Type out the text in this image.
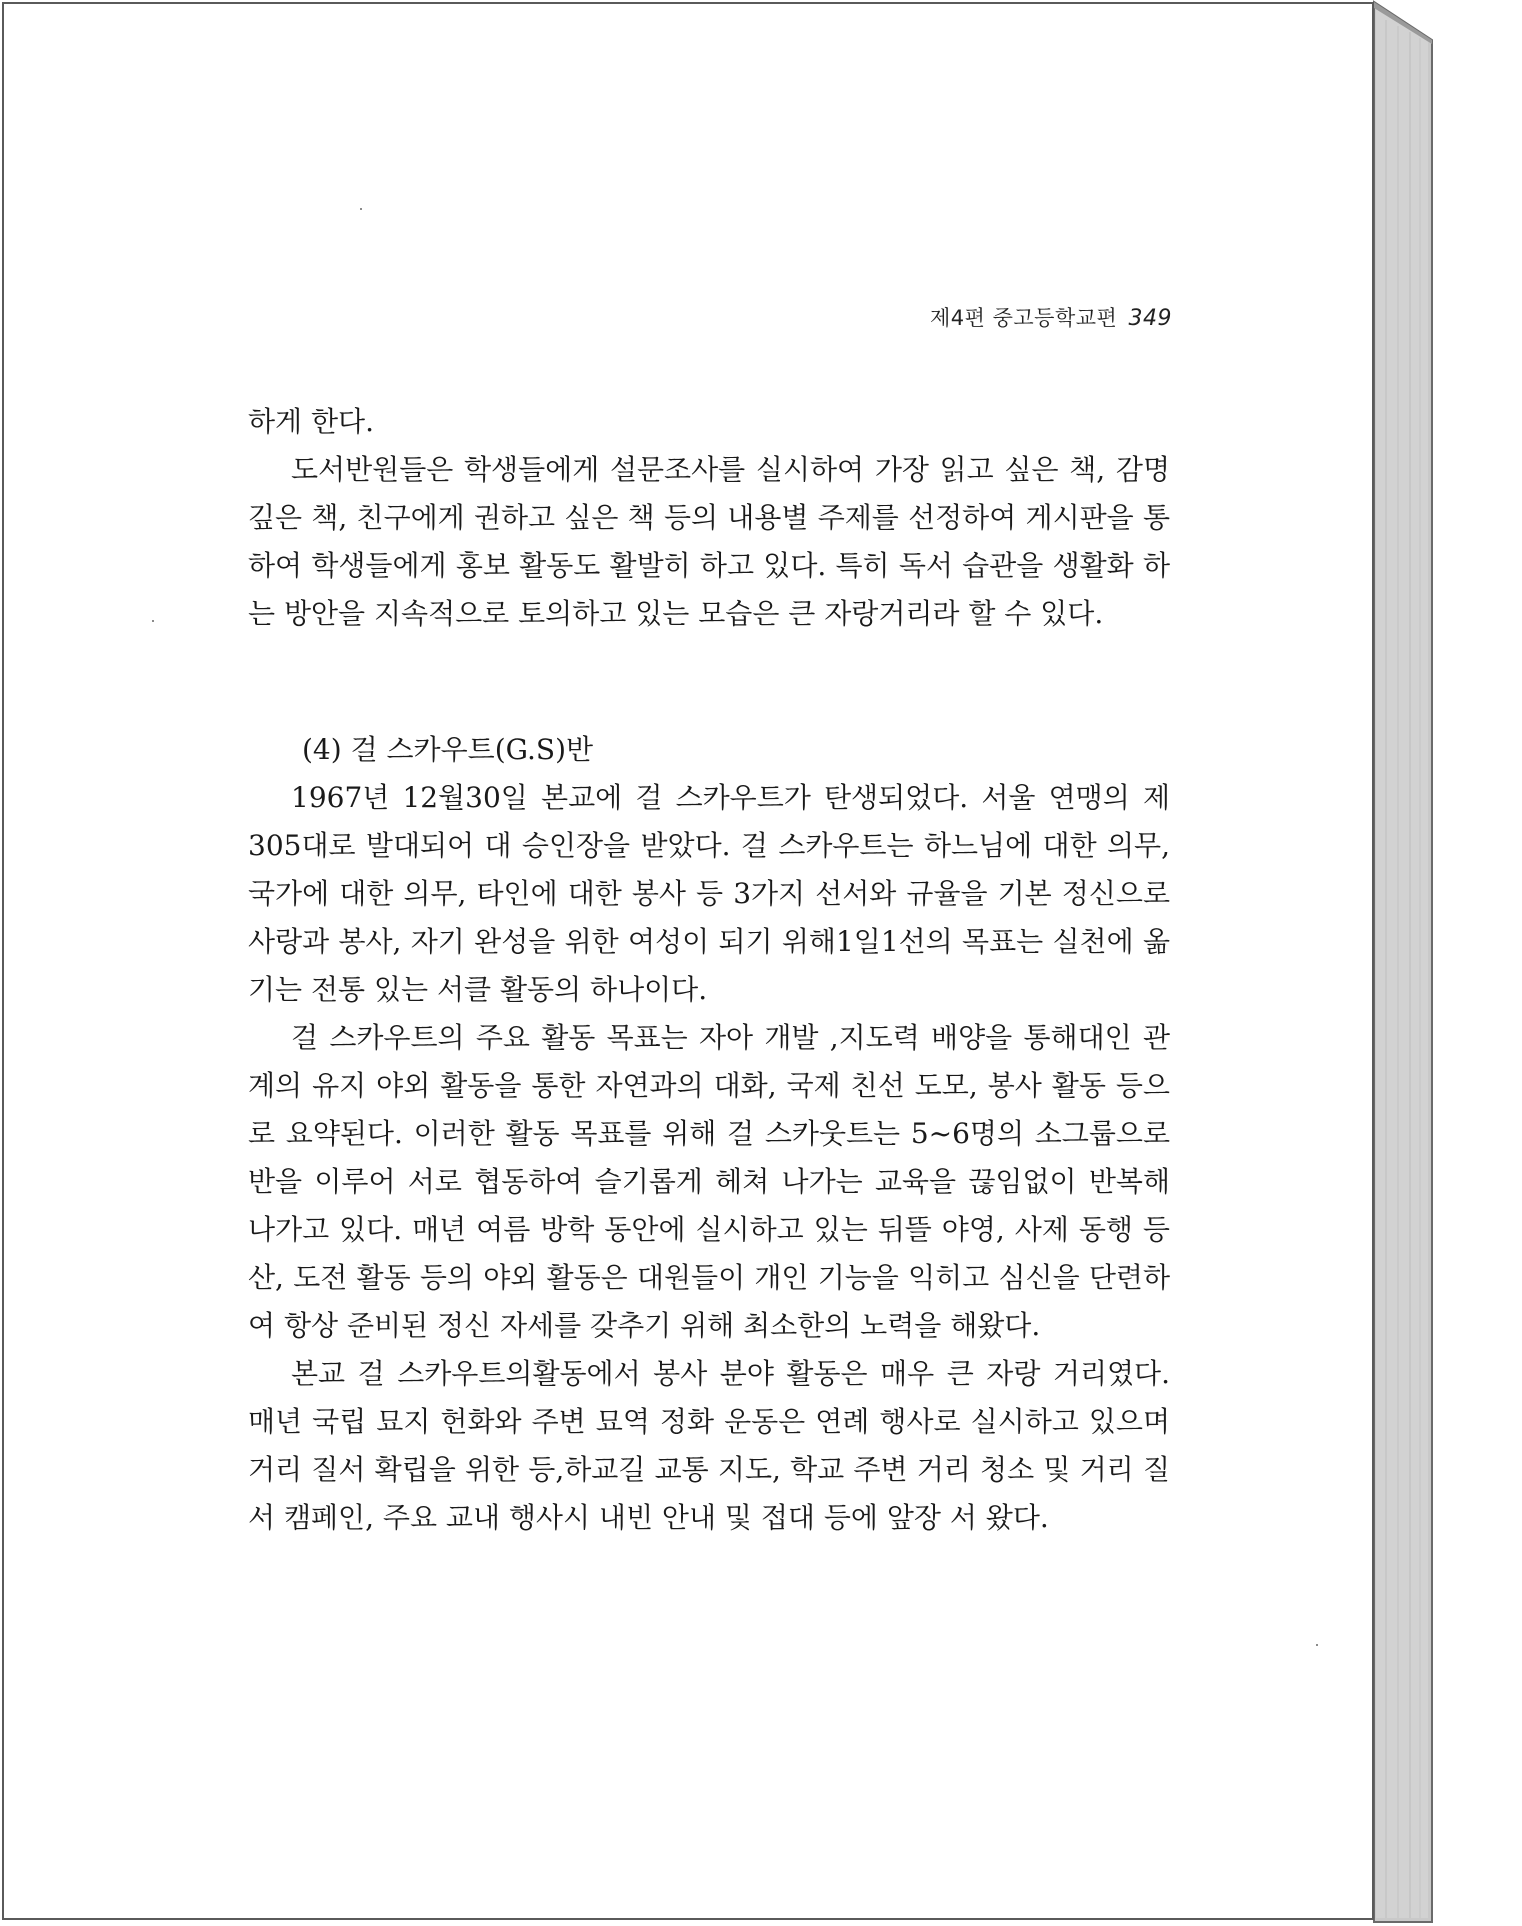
제4편 중고등학교편 349

하게 한다.

도서반원들은 학생들에게 설문조사를 실시하여 가장 읽고 싶은 책, 감명 깊은 책, 친구에게 권하고 싶은 책 등의 내용별 주제를 선정하여 게시판을 통하여 학생들에게 홍보 활동도 활발히 하고 있다. 특히 독서 습관을 생활화 하는 방안을 지속적으로 토의하고 있는 모습은 큰 자랑거리라 할 수 있다.

(4) 걸 스카우트(G.S)반

1967년 12월30일 본교에 걸 스카우트가 탄생되었다. 서울 연맹의 제305대로 발대되어 대 승인장을 받았다. 걸 스카우트는 하느님에 대한 의무, 국가에 대한 의무, 타인에 대한 봉사 등 3가지 선서와 규율을 기본 정신으로 사랑과 봉사, 자기 완성을 위한 여성이 되기 위해1일1선의 목표는 실천에 옮기는 전통 있는 서클 활동의 하나이다.

걸 스카우트의 주요 활동 목표는 자아 개발 ,지도력 배양을 통해대인 관계의 유지 야외 활동을 통한 자연과의 대화, 국제 친선 도모, 봉사 활동 등으로 요약된다. 이러한 활동 목표를 위해 걸 스카웃트는 5~6명의 소그룹으로 반을 이루어 서로 협동하여 슬기롭게 헤쳐 나가는 교육을 끊임없이 반복해 나가고 있다. 매년 여름 방학 동안에 실시하고 있는 뒤뜰 야영, 사제 동행 등산, 도전 활동 등의 야외 활동은 대원들이 개인 기능을 익히고 심신을 단련하여 항상 준비된 정신 자세를 갖추기 위해 최소한의 노력을 해왔다.

본교 걸 스카우트의활동에서 봉사 분야 활동은 매우 큰 자랑 거리였다. 매년 국립 묘지 헌화와 주변 묘역 정화 운동은 연례 행사로 실시하고 있으며 거리 질서 확립을 위한 등,하교길 교통 지도, 학교 주변 거리 청소 및 거리 질서 캠페인, 주요 교내 행사시 내빈 안내 및 접대 등에 앞장 서 왔다.
